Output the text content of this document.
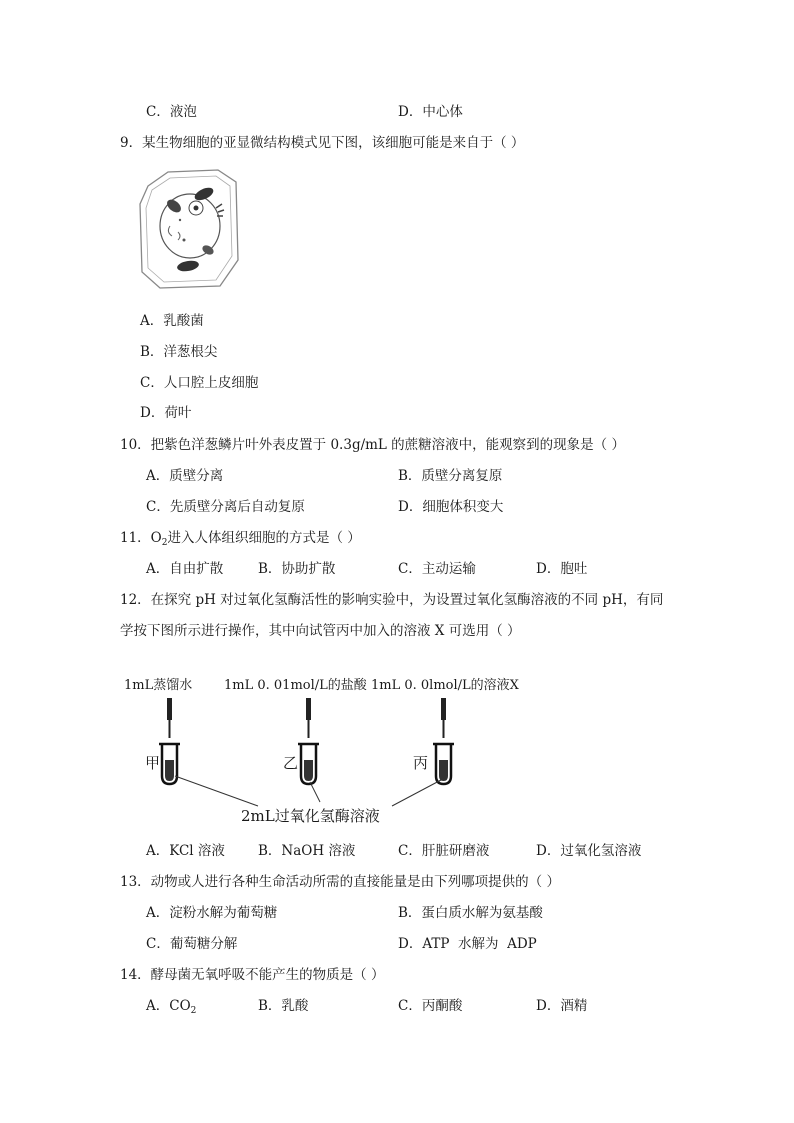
C．液泡	D．中心体
9．某生物细胞的亚显微结构模式见下图，该细胞可能是来自于（ ）
A．乳酸菌
B．洋葱根尖
C．人口腔上皮细胞
D．荷叶
10．把紫色洋葱鳞片叶外表皮置于 0.3g/mL 的蔗糖溶液中，能观察到的现象是（ ）
A．质壁分离	B．质壁分离复原
C．先质壁分离后自动复原	D．细胞体积变大
11．$O_2$进入人体组织细胞的方式是（ ）
A．自由扩散	B．协助扩散	C．主动运输	D．胞吐
12．在探究 pH 对过氧化氢酶活性的影响实验中，为设置过氧化氢酶溶液的不同 pH，有同
学按下图所示进行操作，其中向试管丙中加入的溶液 X 可选用（ ）
1mL蒸馏水 1mL 0. 01mol/L的盐酸 1mL 0. 0lmol/L的溶液X
甲	乙	丙
2mL过氧化氢酶溶液
A．KCl 溶液 B．NaOH 溶液	C．肝脏研磨液	D．过氧化氢溶液
13．动物或人进行各种生命活动所需的直接能量是由下列哪项提供的（ ）
A．淀粉水解为葡萄糖	B．蛋白质水解为氨基酸
C．葡萄糖分解	D．ATP  水解为  ADP
14．酵母菌无氧呼吸不能产生的物质是（ ）
A．$CO_2$	B．乳酸	C．丙酮酸	D．酒精
